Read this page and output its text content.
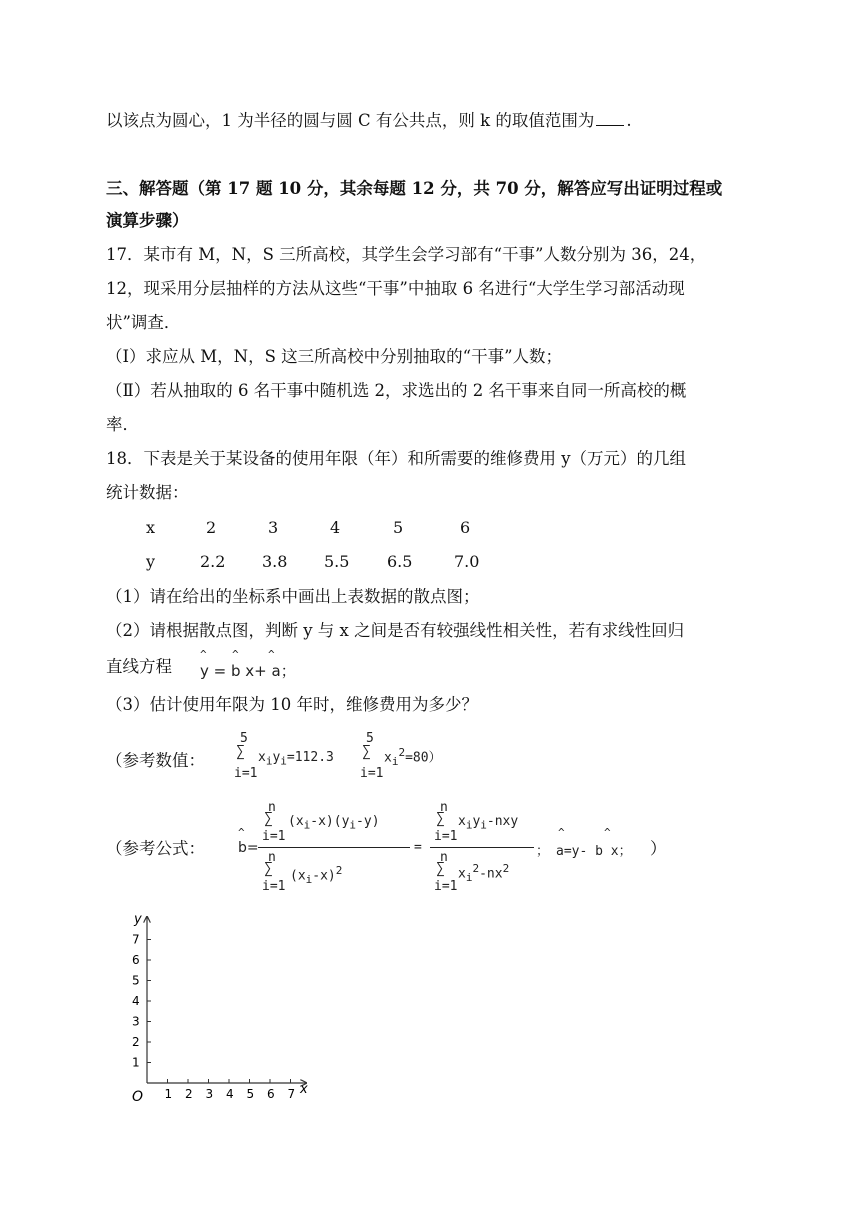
以该点为圆心，1 为半径的圆与圆 C 有公共点，则 k 的取值范围为 .
三、解答题（第 17 题 10 分，其余每题 12 分，共 70 分，解答应写出证明过程或
演算步骤）
17．某市有 M，N，S 三所高校，其学生会学习部有“干事”人数分别为 36，24，
12，现采用分层抽样的方法从这些“干事”中抽取 6 名进行“大学生学习部活动现
状”调查．
（Ⅰ）求应从 M，N，S 这三所高校中分别抽取的“干事”人数；
（Ⅱ）若从抽取的 6 名干事中随机选 2，求选出的 2 名干事来自同一所高校的概
率．
18．下表是关于某设备的使用年限（年）和所需要的维修费用 y（万元）的几组
统计数据：
x	2	3	4	5	6
y	2.2 3.8 5.5 6.5	7.0
（1）请在给出的坐标系中画出上表数据的散点图；
（2）请根据散点图，判断 y 与 x 之间是否有较强线性相关性，若有求线性回归
直线方程
^ ^	^
y = b x+ a；
（3）估计使用年限为 10 年时，维修费用为多少？
（参考数值：
5
∑
i=1
$x_iy_i=112.3$
5
∑
i=1
$x_i^2=80$）
（参考公式：
^
b=
n
∑
i=1
$(x_i-x)(y_i-y)$
n
∑
i=1
$(x_i-x)^2$
=
n
∑
i=1
$x_iy_i$-nxy
n
∑
i=1
$x_i^2-nx^2$
；
^	^
a=y- b x； ）
1 2 3 4 5 6 7
1
2
3
4
5
6
7
y
x
O
